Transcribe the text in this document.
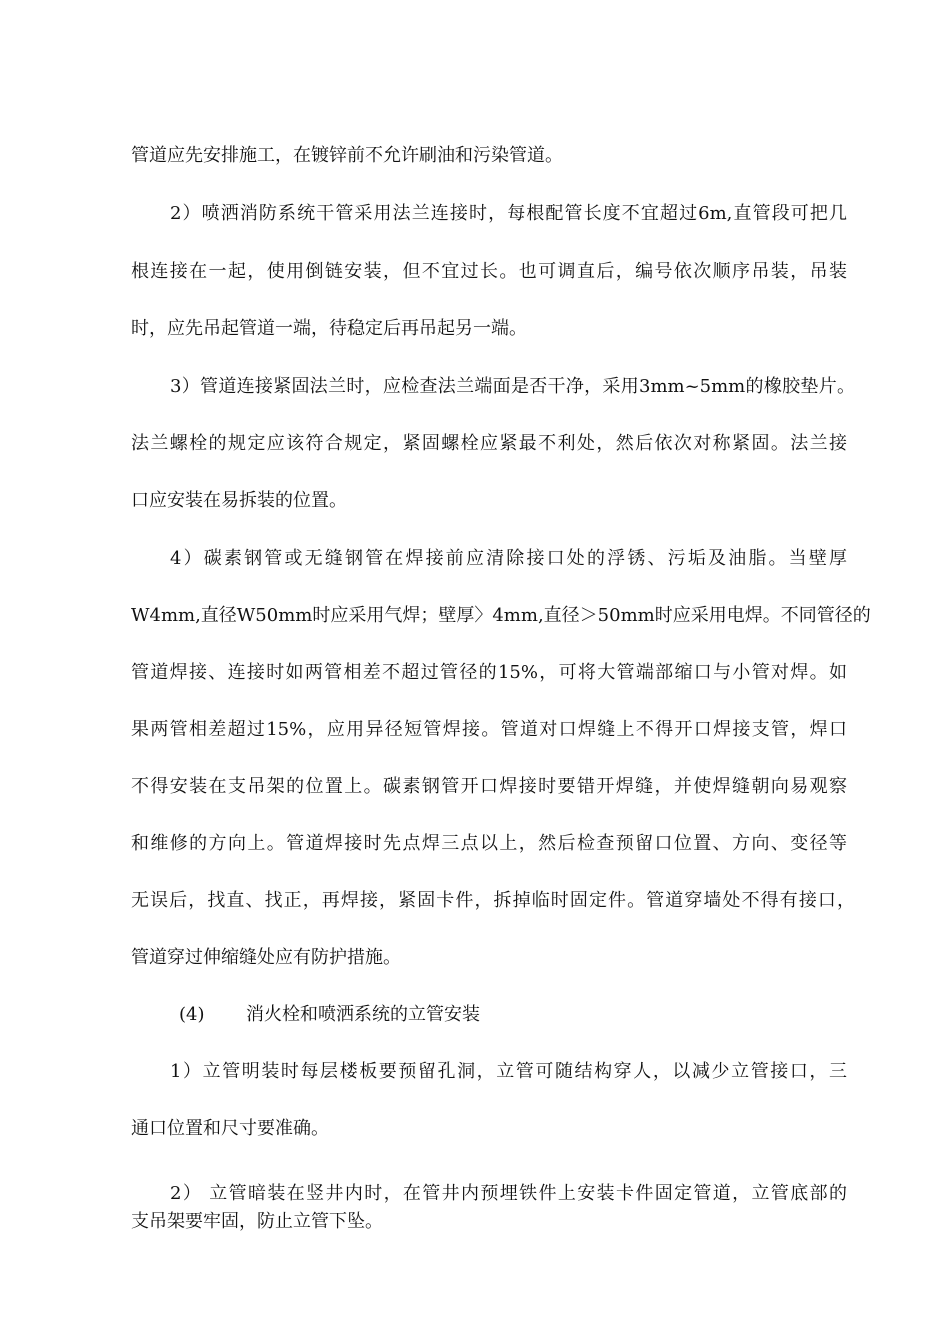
管道应先安排施工，在镀锌前不允许刷油和污染管道。
2）喷洒消防系统干管采用法兰连接时，每根配管长度不宜超过6m,直管段可把几
根连接在一起，使用倒链安装，但不宜过长。也可调直后，编号依次顺序吊装，吊装
时，应先吊起管道一端，待稳定后再吊起另一端。
3）管道连接紧固法兰时，应检查法兰端面是否干净，采用3mm~5mm的橡胶垫片。
法兰螺栓的规定应该符合规定，紧固螺栓应紧最不利处，然后依次对称紧固。法兰接
口应安装在易拆装的位置。
4）碳素钢管或无缝钢管在焊接前应清除接口处的浮锈、污垢及油脂。当壁厚
W4mm,直径W50mm时应采用气焊；壁厚〉4mm,直径＞50mm时应采用电焊。不同管径的
管道焊接、连接时如两管相差不超过管径的15%，可将大管端部缩口与小管对焊。如
果两管相差超过15%，应用异径短管焊接。管道对口焊缝上不得开口焊接支管，焊口
不得安装在支吊架的位置上。碳素钢管开口焊接时要错开焊缝，并使焊缝朝向易观察
和维修的方向上。管道焊接时先点焊三点以上，然后检查预留口位置、方向、变径等
无误后，找直、找正，再焊接，紧固卡件，拆掉临时固定件。管道穿墙处不得有接口，
管道穿过伸缩缝处应有防护措施。
(4) 消火栓和喷洒系统的立管安装
1）立管明装时每层楼板要预留孔洞，立管可随结构穿人，以减少立管接口，三
通口位置和尺寸要准确。
2） 立管暗装在竖井内时，在管井内预埋铁件上安装卡件固定管道，立管底部的
支吊架要牢固，防止立管下坠。
